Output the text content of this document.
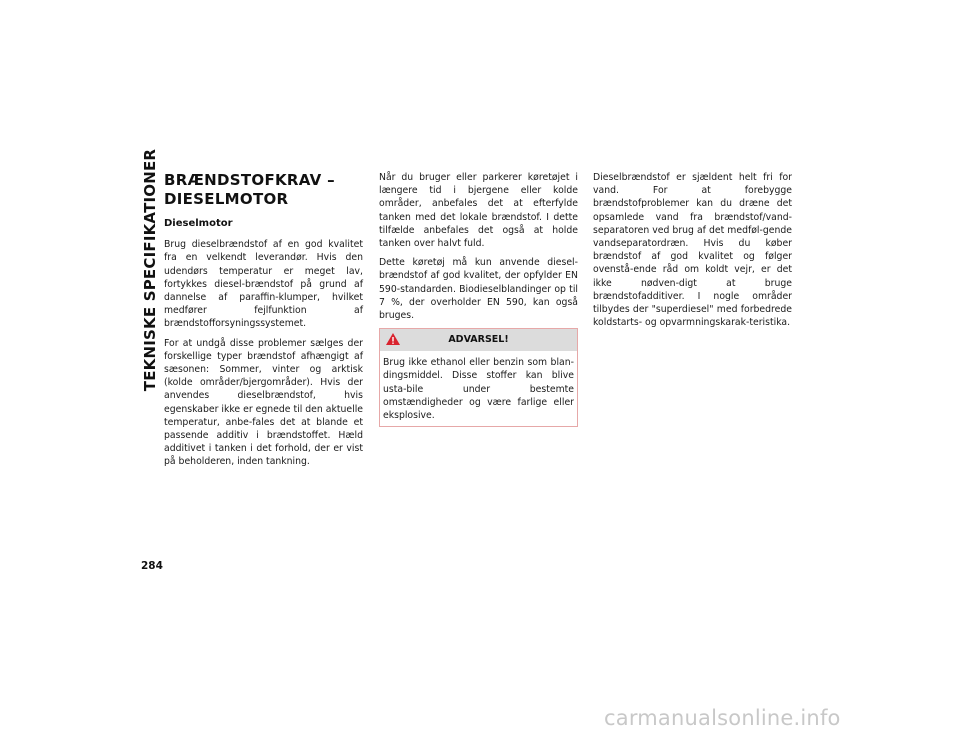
TEKNISKE SPECIFIKATIONER
284
BRÆNDSTOFKRAV – DIESELMOTOR
Dieselmotor

Brug dieselbrændstof af en god kvalitet fra en velkendt leverandør. Hvis den udendørs temperatur er meget lav, fortykkes diesel-brændstof på grund af dannelse af paraffin-klumper, hvilket medfører fejlfunktion af brændstofforsyningssystemet.

For at undgå disse problemer sælges der forskellige typer brændstof afhængigt af sæsonen: Sommer, vinter og arktisk (kolde områder/bjergområder). Hvis der anvendes dieselbrændstof, hvis egenskaber ikke er egnede til den aktuelle temperatur, anbe-fales det at blande et passende additiv i brændstoffet. Hæld additivet i tanken i det forhold, der er vist på beholderen, inden tankning.

Når du bruger eller parkerer køretøjet i længere tid i bjergene eller kolde områder, anbefales det at efterfylde tanken med det lokale brændstof. I dette tilfælde anbefales det også at holde tanken over halvt fuld.

Dette køretøj må kun anvende diesel-brændstof af god kvalitet, der opfylder EN 590-standarden. Biodieselblandinger op til 7 %, der overholder EN 590, kan også bruges.

ADVARSEL!
Brug ikke ethanol eller benzin som blan-dingsmiddel. Disse stoffer kan blive usta-bile under bestemte omstændigheder og være farlige eller eksplosive.

Dieselbrændstof er sjældent helt fri for vand. For at forebygge brændstofproblemer kan du dræne det opsamlede vand fra brændstof/vand-separatoren ved brug af det medføl-gende vandseparatordræn. Hvis du køber brændstof af god kvalitet og følger ovenstå-ende råd om koldt vejr, er det ikke nødven-digt at bruge brændstofadditiver. I nogle områder tilbydes der "superdiesel" med forbedrede koldstarts- og opvarmningskarak-teristika.

carmanualsonline.info
